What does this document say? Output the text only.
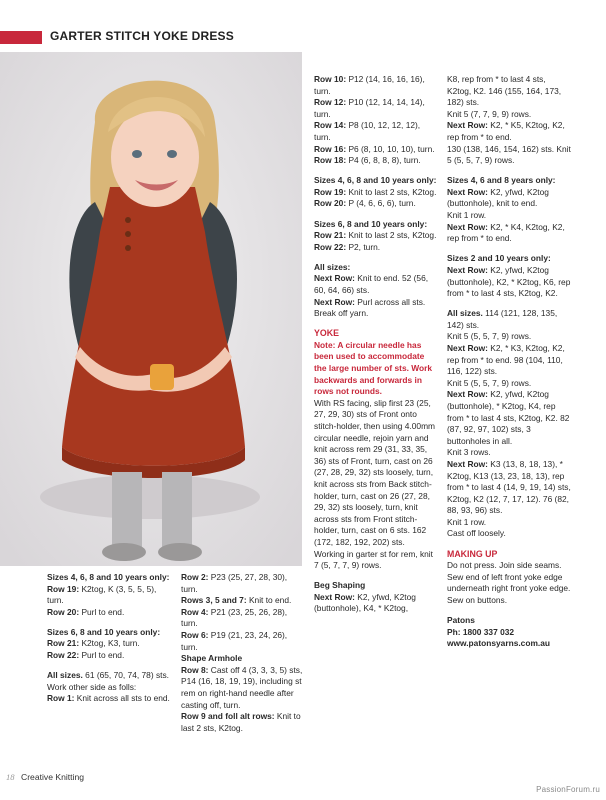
GARTER STITCH YOKE DRESS

Sizes 4, 6, 8 and 10 years only:

Row 19: K2tog, K (3, 5, 5, 5), turn.

Row 20: Purl to end.

Sizes 6, 8 and 10 years only:

Row 21: K2tog, K3, turn.

Row 22: Purl to end.

All sizes. 61 (65, 70, 74, 78) sts. Work other side as folls:

Row 1: Knit across all sts to end.

Row 2: P23 (25, 27, 28, 30), turn.

Rows 3, 5 and 7: Knit to end.

Row 4: P21 (23, 25, 26, 28), turn.

Row 6: P19 (21, 23, 24, 26), turn.

Shape Armhole

Row 8: Cast off 4 (3, 3, 3, 5) sts, P14 (16, 18, 19, 19), including st rem on right-hand needle after casting off, turn.

Row 9 and foll alt rows: Knit to last 2 sts, K2tog.

Row 10: P12 (14, 16, 16, 16), turn.

Row 12: P10 (12, 14, 14, 14), turn.

Row 14: P8 (10, 12, 12, 12), turn.

Row 16: P6 (8, 10, 10, 10), turn.

Row 18: P4 (6, 8, 8, 8), turn.

Sizes 4, 6, 8 and 10 years only:

Row 19: Knit to last 2 sts, K2tog.

Row 20: P (4, 6, 6, 6), turn.

Sizes 6, 8 and 10 years only:

Row 21: Knit to last 2 sts, K2tog.

Row 22: P2, turn.

All sizes:

Next Row: Knit to end. 52 (56, 60, 64, 66) sts.

Next Row: Purl across all sts. Break off yarn.

YOKE

Note: A circular needle has been used to accommodate the large number of sts. Work backwards and forwards in rows not rounds.

With RS facing, slip first 23 (25, 27, 29, 30) sts of Front onto stitch-holder, then using 4.00mm circular needle, rejoin yarn and knit across rem 29 (31, 33, 35, 36) sts of Front, turn, cast on 26 (27, 28, 29, 32) sts loosely, turn, knit across sts from Back stitch-holder, turn, cast on 26 (27, 28, 29, 32) sts loosely, turn, knit across sts from Front stitch-holder, turn, cast on 6 sts. 162 (172, 182, 192, 202) sts.

Working in garter st for rem, knit 7 (5, 7, 7, 9) rows.

Beg Shaping

Next Row: K2, yfwd, K2tog (buttonhole), K4, * K2tog,

K8, rep from * to last 4 sts, K2tog, K2. 146 (155, 164, 173, 182) sts.

Knit 5 (7, 7, 9, 9) rows.

Next Row: K2, * K5, K2tog, K2, rep from * to end.

130 (138, 146, 154, 162) sts. Knit 5 (5, 5, 7, 9) rows.

Sizes 4, 6 and 8 years only:

Next Row: K2, yfwd, K2tog (buttonhole), knit to end.

Knit 1 row.

Next Row: K2, * K4, K2tog, K2, rep from * to end.

Sizes 2 and 10 years only:

Next Row: K2, yfwd, K2tog (buttonhole), K2, * K2tog, K6, rep from * to last 4 sts, K2tog, K2.

All sizes. 114 (121, 128, 135, 142) sts.

Knit 5 (5, 5, 7, 9) rows.

Next Row: K2, * K3, K2tog, K2, rep from * to end. 98 (104, 110, 116, 122) sts.

Knit 5 (5, 5, 7, 9) rows.

Next Row: K2, yfwd, K2tog (buttonhole), * K2tog, K4, rep from * to last 4 sts, K2tog, K2. 82 (87, 92, 97, 102) sts, 3 buttonholes in all.

Knit 3 rows.

Next Row: K3 (13, 8, 18, 13), * K2tog, K13 (13, 23, 18, 13), rep from * to last 4 (14, 9, 19, 14) sts, K2tog, K2 (12, 7, 17, 12). 76 (82, 88, 93, 96) sts.

Knit 1 row.

Cast off loosely.

MAKING UP

Do not press. Join side seams. Sew end of left front yoke edge underneath right front yoke edge. Sew on buttons.

Patons

Ph: 1800 337 032

www.patonsyarns.com.au

18 Creative Knitting
PassionForum.ru
